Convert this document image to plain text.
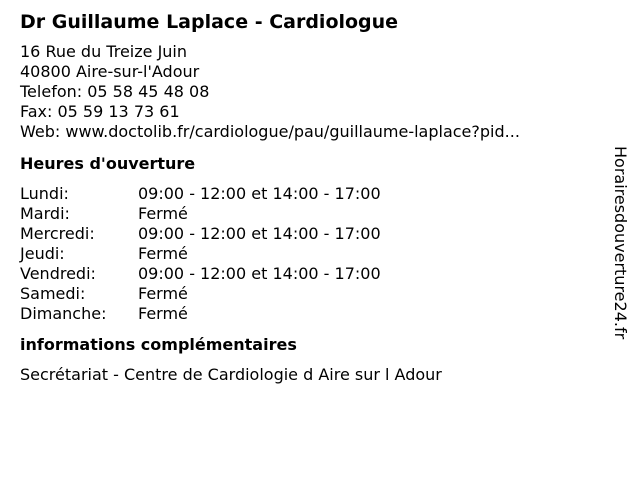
Dr Guillaume Laplace - Cardiologue
16 Rue du Treize Juin
40800 Aire-sur-l'Adour
Telefon: 05 58 45 48 08
Fax: 05 59 13 73 61
Web: www.doctolib.fr/cardiologue/pau/guillaume-laplace?pid...
Heures d'ouverture
Lundi:	09:00 - 12:00 et 14:00 - 17:00
Mardi:	Fermé
Mercredi:	09:00 - 12:00 et 14:00 - 17:00
Jeudi:	Fermé
Vendredi:	09:00 - 12:00 et 14:00 - 17:00
Samedi:	Fermé
Dimanche:	Fermé
informations complémentaires
Secrétariat - Centre de Cardiologie d Aire sur l Adour
Horairesdouverture24.fr
